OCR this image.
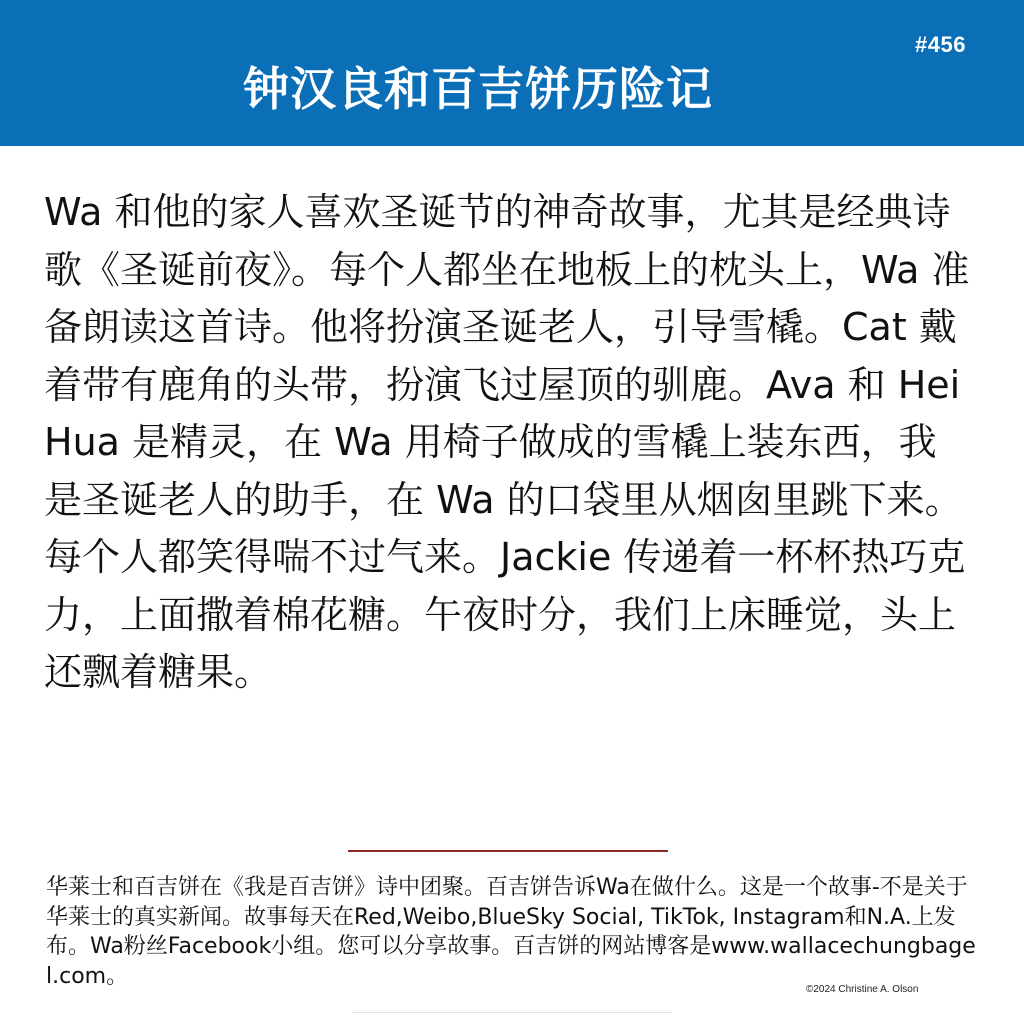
#456
钟汉良和百吉饼历险记

Wa 和他的家人喜欢圣诞节的神奇故事，尤其是经典诗歌《圣诞前夜》。每个人都坐在地板上的枕头上，Wa 准备朗读这首诗。他将扮演圣诞老人，引导雪橇。Cat 戴着带有鹿角的头带，扮演飞过屋顶的驯鹿。Ava 和 HeiHua 是精灵，在 Wa 用椅子做成的雪橇上装东西，我是圣诞老人的助手，在 Wa 的口袋里从烟囱里跳下来。每个人都笑得喘不过气来。Jackie 传递着一杯杯热巧克力，上面撒着棉花糖。午夜时分，我们上床睡觉，头上还飘着糖果。

华莱士和百吉饼在《我是百吉饼》诗中团聚。百吉饼告诉Wa在做什么。这是一个故事-不是关于华莱士的真实新闻。故事每天在Red,Weibo,BlueSky Social, TikTok, Instagram和N.A.上发布。Wa粉丝Facebook小组。您可以分享故事。百吉饼的网站博客是www.wallacechungbagel.com。

©2024 Christine A. Olson
